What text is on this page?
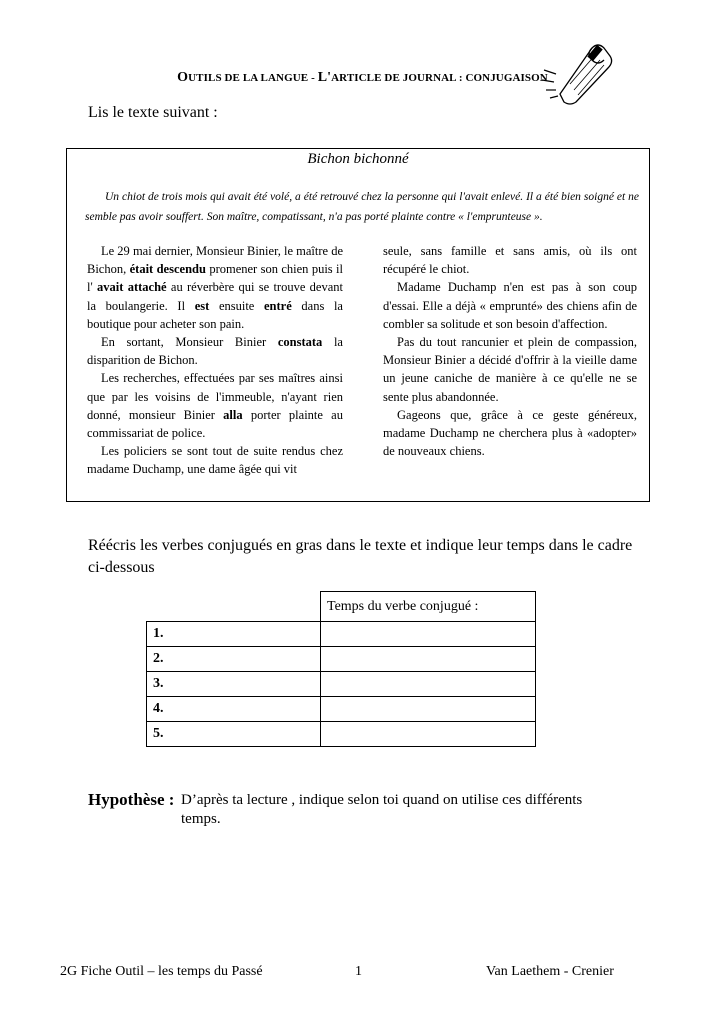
OUTILS DE LA LANGUE - L'ARTICLE DE JOURNAL : CONJUGAISON
Lis le texte suivant :
Bichon bichonné
Un chiot de trois mois qui avait été volé, a été retrouvé chez la personne qui l'avait enlevé. Il a été bien soigné et ne semble pas avoir souffert. Son maître, compatissant, n'a pas porté plainte contre « l'emprunteuse ».

Le 29 mai dernier, Monsieur Binier, le maître de Bichon, était descendu promener son chien puis il l' avait attaché au réverbère qui se trouve devant la boulangerie. Il est ensuite entré dans la boutique pour acheter son pain.

En sortant, Monsieur Binier constata la disparition de Bichon.

Les recherches, effectuées par ses maîtres ainsi que par les voisins de l'immeuble, n'ayant rien donné, monsieur Binier alla porter plainte au commissariat de police.

Les policiers se sont tout de suite rendus chez madame Duchamp, une dame âgée qui vit

seule, sans famille et sans amis, où ils ont récupéré le chiot.

Madame Duchamp n'en est pas à son coup d'essai. Elle a déjà « emprunté» des chiens afin de combler sa solitude et son besoin d'affection.

Pas du tout rancunier et plein de compassion, Monsieur Binier a décidé d'offrir à la vieille dame un jeune caniche de manière à ce qu'elle ne se sente plus abandonnée.

Gageons que, grâce à ce geste généreux, madame Duchamp ne cherchera plus à «adopter» de nouveaux chiens.

Réécris les verbes conjugués en gras dans le texte et indique leur temps dans le cadre ci-dessous
	Temps du verbe conjugué :
1.	
2.	
3.	
4.	
5.	
Hypothèse : D’après ta lecture , indique selon toi quand on utilise ces différents temps.
2G Fiche Outil – les temps du Passé	1	Van Laethem - Crenier
